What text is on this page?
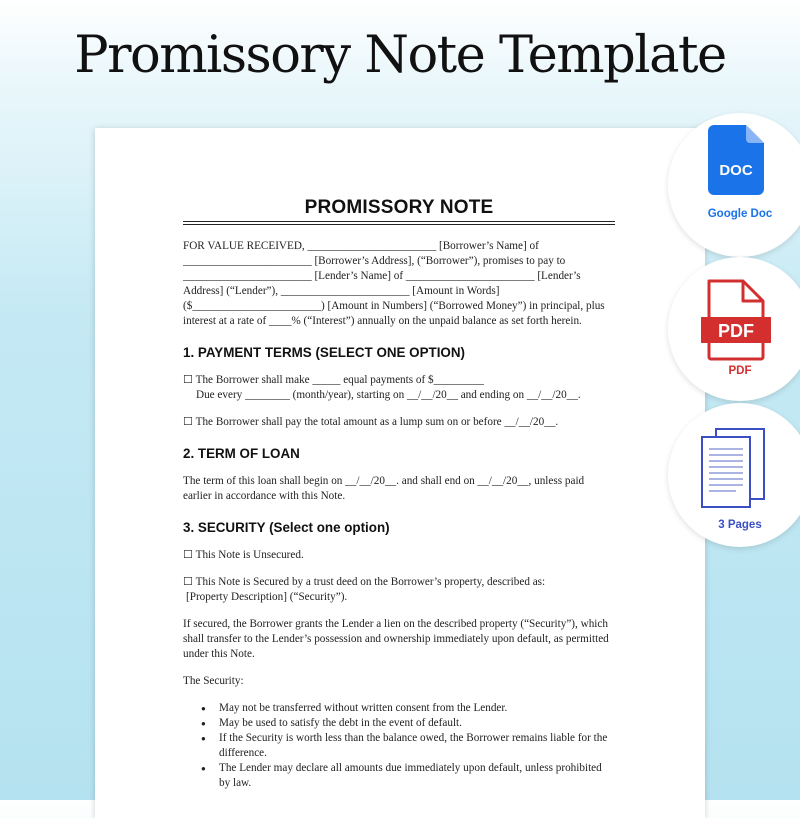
Promissory Note Template
PROMISSORY NOTE

FOR VALUE RECEIVED, _______________________ [Borrower’s Name] of _______________________ [Borrower’s Address], (“Borrower”), promises to pay to _______________________ [Lender’s Name] of _______________________ [Lender’s Address] (“Lender”), _______________________ [Amount in Words] ($_______________________) [Amount in Numbers] (“Borrowed Money”) in principal, plus interest at a rate of ____% (“Interest”) annually on the unpaid balance as set forth herein.

1. PAYMENT TERMS (SELECT ONE OPTION)

☐ The Borrower shall make _____ equal payments of $_________

Due every ________ (month/year), starting on __/__/20__ and ending on __/__/20__.

☐ The Borrower shall pay the total amount as a lump sum on or before __/__/20__.

2. TERM OF LOAN

The term of this loan shall begin on __/__/20__. and shall end on __/__/20__, unless paid earlier in accordance with this Note.

3. SECURITY (Select one option)

☐ This Note is Unsecured.

☐ This Note is Secured by a trust deed on the Borrower’s property, described as:

[Property Description] (“Security”).

If secured, the Borrower grants the Lender a lien on the described property (“Security”), which shall transfer to the Lender’s possession and ownership immediately upon default, as permitted under this Note.

The Security:

● May not be transferred without written consent from the Lender.
● May be used to satisfy the debt in the event of default.
● If the Security is worth less than the balance owed, the Borrower remains liable for the difference.
● The Lender may declare all amounts due immediately upon default, unless prohibited by law.
DOC
Google Doc
PDF
PDF
3 Pages
